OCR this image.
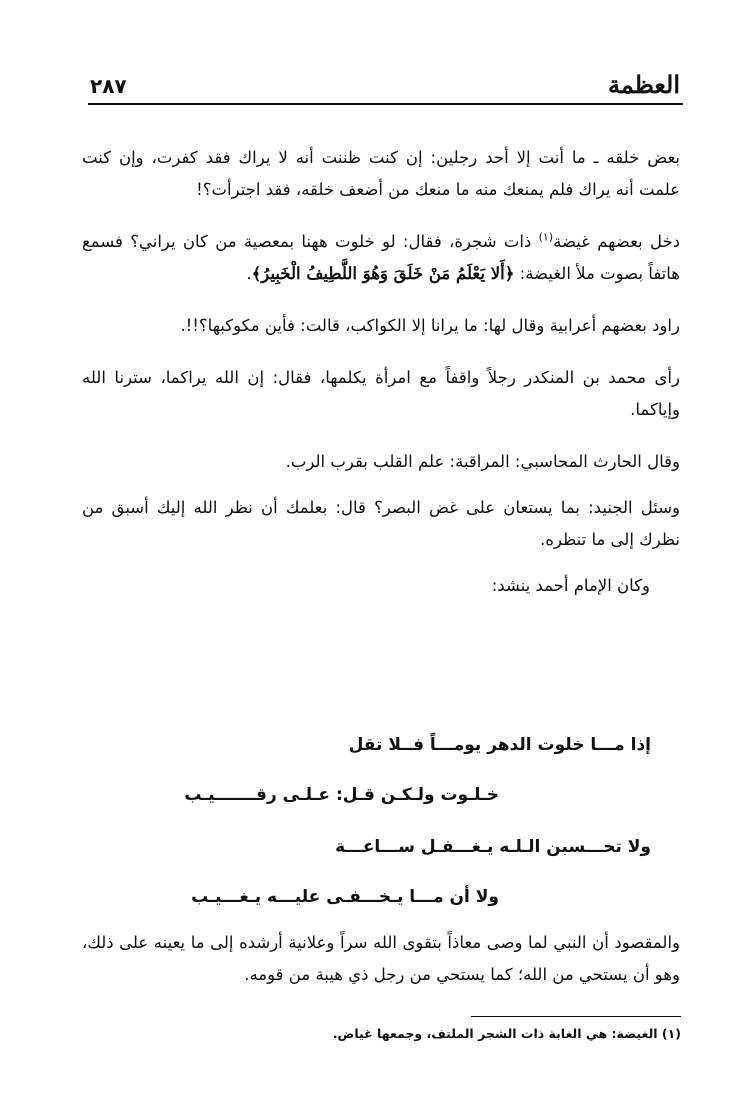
العظمة
٢٨٧

بعض خلقه ـ ما أنت إلا أحد رجلين: إن كنت ظننت أنه لا يراك فقد كفرت، وإن كنت علمت أنه يراك فلم يمنعك منه ما منعك من أضعف خلقه، فقد اجترأت؟!

دخل بعضهم غيضة$^{(١)}$ ذات شجرة، فقال: لو خلوت ههنا بمعصية من كان يراني؟ فسمع هاتفاً بصوت ملأ الغيضة: ﴿أَلا يَعْلَمُ مَنْ خَلَقَ وَهُوَ اللَّطِيفُ الْخَبِيرُ﴾.

راود بعضهم أعرابية وقال لها: ما يرانا إلا الكواكب، قالت: فأين مكوكبها؟!!.

رأى محمد بن المنكدر رجلاً واقفاً مع امرأة يكلمها، فقال: إن الله يراكما، سترنا الله وإياكما.

وقال الحارث المحاسبي: المراقبة: علم القلب بقرب الرب.

وسئل الجنيد: بما يستعان على غض البصر؟ قال: بعلمك أن نظر الله إليك أسبق من نظرك إلى ما تنظره.

وكان الإمام أحمد ينشد:

إذا مـــا خلوت الدهر يومـــاً فــلا تقل
خـلـوت ولـكـن قـل: عـلـى رقـــــــيـب
ولا تحـــسبن الـلـه يـغـــفـل ســـاعـــة
ولا أن مـــا يـخـــفـى عليـــه يـغـــيـب

والمقصود أن النبي لما وصى معاذاً بتقوى الله سراً وعلانية أرشده إلى ما يعينه على ذلك، وهو أن يستحي من الله؛ كما يستحي من رجل ذي هيبة من قومه.

(١) الغيضة: هي الغابة ذات الشجر الملتف، وجمعها غياض.
